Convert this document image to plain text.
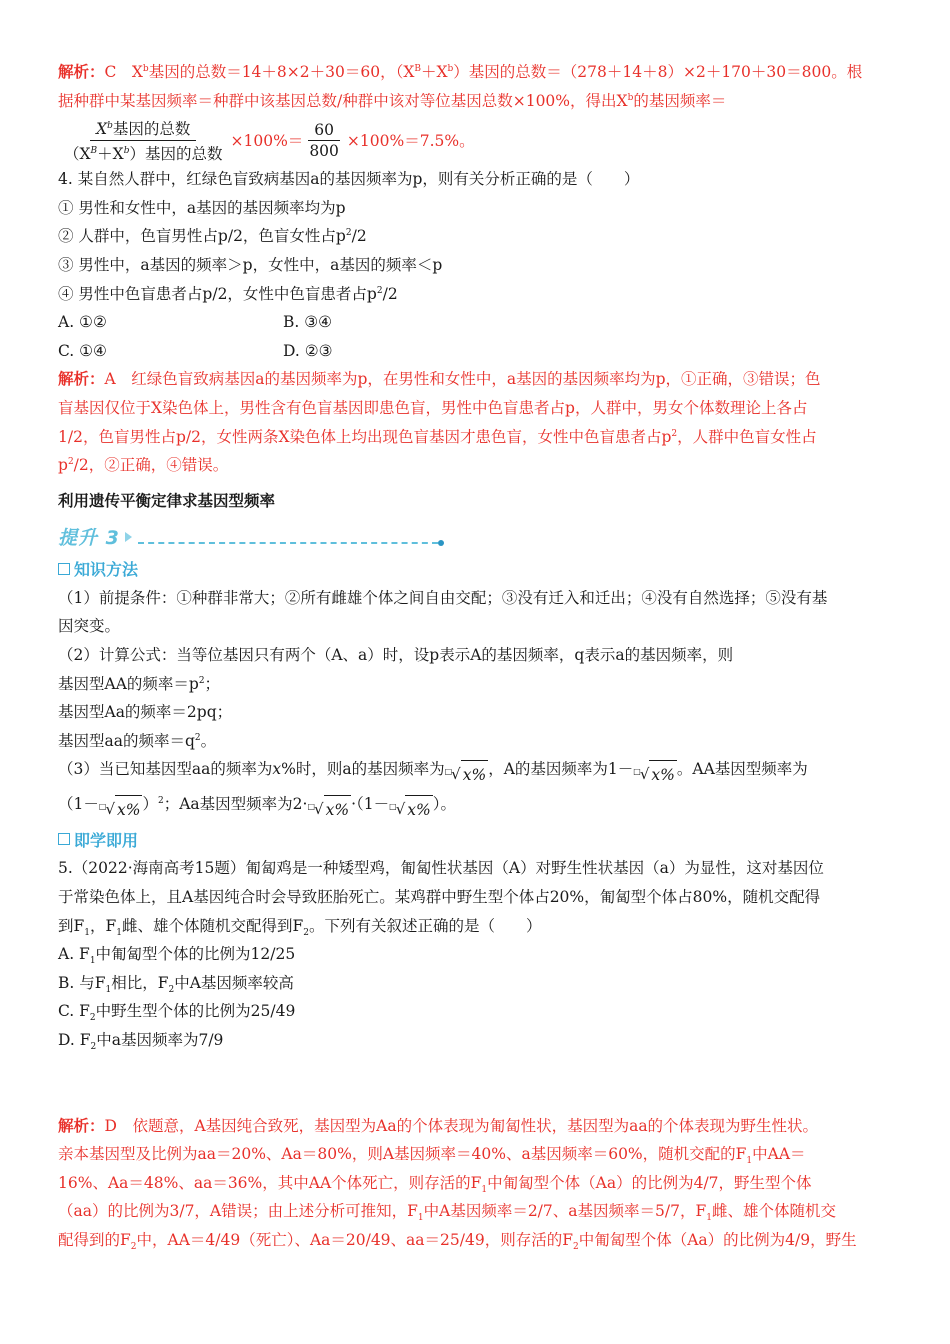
解析：C　$X^b$基因的总数＝14＋8×2＋30＝60，$(X^B+X^b)$基因的总数＝（278＋14＋8）×2＋170＋30＝800。根
据种群中某基因频率＝种群中该基因总数/种群中该对等位基因总数×100%，得出$X^b$的基因频率＝
$\frac{X^b基因的总数}{(X^B+X^b)基因的总数} \times 100\%= \frac{60}{800} \times 100\%=7.5\%$。
4. 某自然人群中，红绿色盲致病基因a的基因频率为p，则有关分析正确的是（　　）
① 男性和女性中，a基因的基因频率均为p
② 人群中，色盲男性占p/2，色盲女性占$p^2/2$
③ 男性中，a基因的频率＞p，女性中，a基因的频率＜p
④ 男性中色盲患者占p/2，女性中色盲患者占$p^2/2$
A. ①②	B. ③④
C. ①④	D. ②③
解析：A　红绿色盲致病基因a的基因频率为p，在男性和女性中，a基因的基因频率均为p，①正确，③错误；色
盲基因仅位于X染色体上，男性含有色盲基因即患色盲，男性中色盲患者占p，人群中，男女个体数理论上各占
1/2，色盲男性占p/2，女性两条X染色体上均出现色盲基因才患色盲，女性中色盲患者占$p^2$，人群中色盲女性占
$p^2/2$，②正确，④错误。
利用遗传平衡定律求基因型频率
提升 3
知识方法
（1）前提条件：①种群非常大；②所有雌雄个体之间自由交配；③没有迁入和迁出；④没有自然选择；⑤没有基
因突变。
（2）计算公式：当等位基因只有两个（A、a）时，设p表示A的基因频率，q表示a的基因频率，则
基因型AA的频率$=p^2$；
基因型Aa的频率＝2pq；
基因型aa的频率$=q^2$。
（3）当已知基因型aa的频率为x%时，则a的基因频率为 □ √ x% ，A的基因频率为1－ □ √ x% 。AA基因型频率为
（1－ □ √ x% ）$^2$；Aa基因型频率为2· □ √ x% ·（1－ □ √ x% ）。
即学即用
5.（2022·海南高考15题）匍匐鸡是一种矮型鸡，匍匐性状基因（A）对野生性状基因（a）为显性，这对基因位
于常染色体上，且A基因纯合时会导致胚胎死亡。某鸡群中野生型个体占20%，匍匐型个体占80%，随机交配得
到$F_1$，$F_1$雌、雄个体随机交配得到$F_2$。下列有关叙述正确的是（　　）
A. $F_1$中匍匐型个体的比例为12/25
B. 与$F_1$相比，$F_2$中A基因频率较高
C. $F_2$中野生型个体的比例为25/49
D. $F_2$中a基因频率为7/9
解析：D　依题意，A基因纯合致死，基因型为Aa的个体表现为匍匐性状，基因型为aa的个体表现为野生性状。
亲本基因型及比例为aa＝20%、Aa＝80%，则A基因频率＝40%、a基因频率＝60%，随机交配的$F_1$中AA＝
16%、Aa＝48%、aa＝36%，其中AA个体死亡，则存活的$F_1$中匍匐型个体（Aa）的比例为4/7，野生型个体
（aa）的比例为3/7，A错误；由上述分析可推知，$F_1$中A基因频率＝2/7、a基因频率＝5/7，$F_1$雌、雄个体随机交
配得到的$F_2$中，AA＝4/49（死亡）、Aa＝20/49、aa＝25/49，则存活的$F_2$中匍匐型个体（Aa）的比例为4/9，野生
